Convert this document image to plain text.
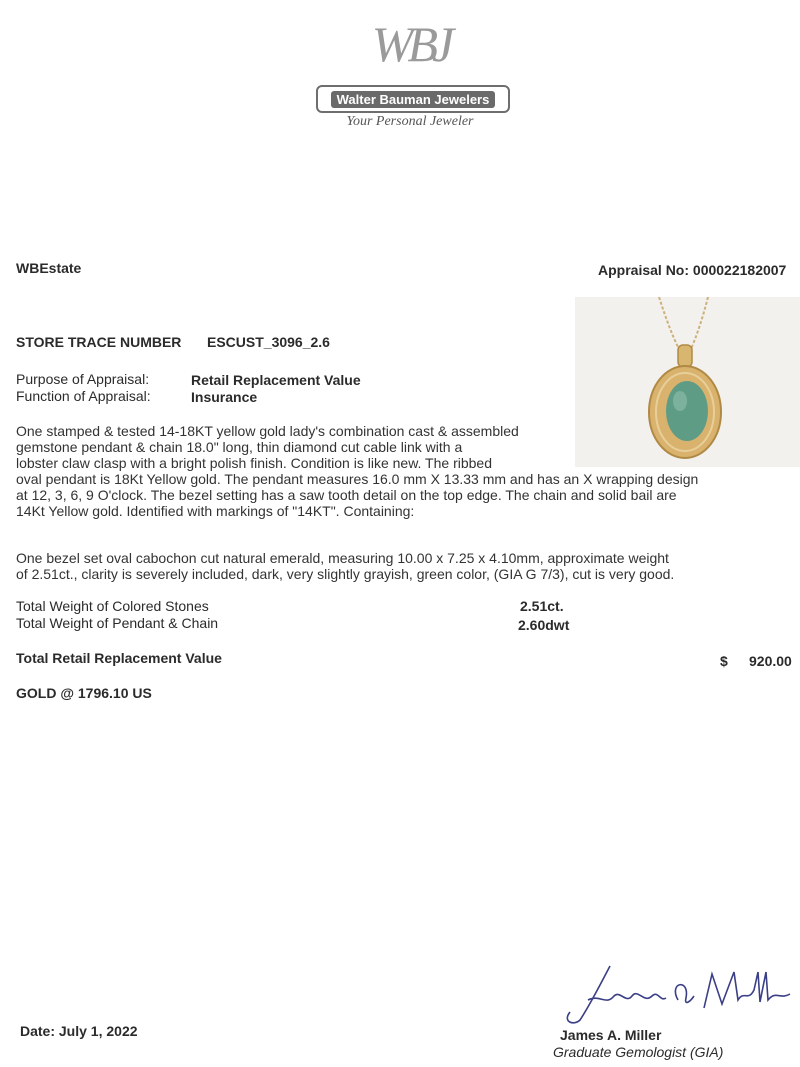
WBJ
Walter Bauman Jewelers
Your Personal Jeweler
WBEstate	Appraisal No: 000022182007
STORE TRACE NUMBER ESCUST_3096_2.6
Purpose of Appraisal:	Retail Replacement Value
Function of Appraisal:	Insurance
One stamped & tested 14-18KT yellow gold lady's combination cast & assembled
gemstone pendant & chain 18.0" long, thin diamond cut cable link with a
lobster claw clasp with a bright polish finish. Condition is like new. The ribbed
oval pendant is 18Kt Yellow gold. The pendant measures 16.0 mm X 13.33 mm and has an X wrapping design
at 12, 3, 6, 9 O'clock. The bezel setting has a saw tooth detail on the top edge. The chain and solid bail are
14Kt Yellow gold. Identified with markings of "14KT". Containing:
One bezel set oval cabochon cut natural emerald, measuring 10.00 x 7.25 x 4.10mm, approximate weight
of 2.51ct., clarity is severely included, dark, very slightly grayish, green color, (GIA G 7/3), cut is very good.
Total Weight of Colored Stones	2.51ct.
Total Weight of Pendant & Chain	2.60dwt
Total Retail Replacement Value	$ 920.00
GOLD @ 1796.10 US
Date: July 1, 2022	James A. Miller
Graduate Gemologist (GIA)
